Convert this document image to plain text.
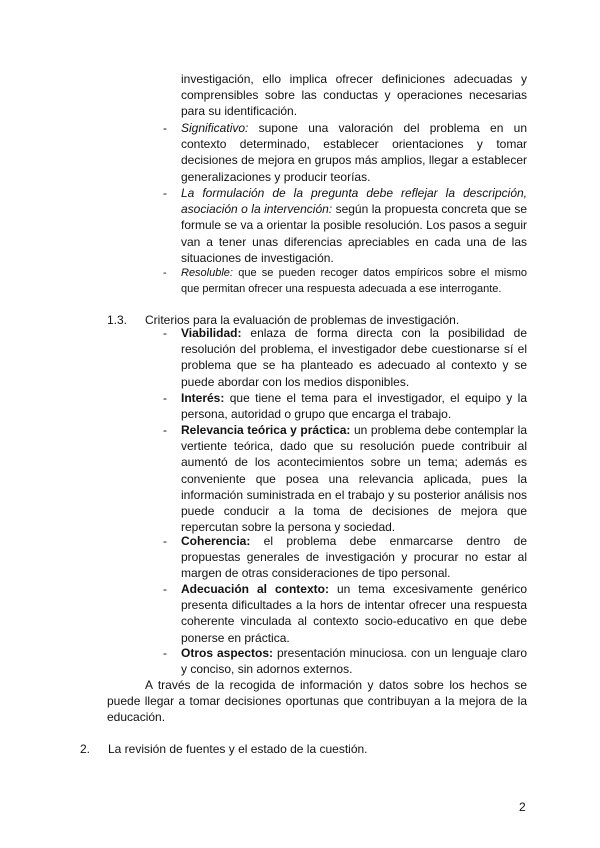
investigación, ello implica ofrecer definiciones adecuadas y comprensibles sobre las conductas y operaciones necesarias para su identificación.
- Significativo: supone una valoración del problema en un contexto determinado, establecer orientaciones y tomar decisiones de mejora en grupos más amplios, llegar a establecer generalizaciones y producir teorías.
- La formulación de la pregunta debe reflejar la descripción, asociación o la intervención: según la propuesta concreta que se formule se va a orientar la posible resolución. Los pasos a seguir van a tener unas diferencias apreciables en cada una de las situaciones de investigación.
- Resoluble: que se pueden recoger datos empíricos sobre el mismo que permitan ofrecer una respuesta adecuada a ese interrogante.
1.3. Criterios para la evaluación de problemas de investigación.
- Viabilidad: enlaza de forma directa con la posibilidad de resolución del problema, el investigador debe cuestionarse sí el problema que se ha planteado es adecuado al contexto y se puede abordar con los medios disponibles.
- Interés: que tiene el tema para el investigador, el equipo y la persona, autoridad o grupo que encarga el trabajo.
- Relevancia teórica y práctica: un problema debe contemplar la vertiente teórica, dado que su resolución puede contribuir al aumentó de los acontecimientos sobre un tema; además es conveniente que posea una relevancia aplicada, pues la información suministrada en el trabajo y su posterior análisis nos puede conducir a la toma de decisiones de mejora que repercutan sobre la persona y sociedad.
- Coherencia: el problema debe enmarcarse dentro de propuestas generales de investigación y procurar no estar al margen de otras consideraciones de tipo personal.
- Adecuación al contexto: un tema excesivamente genérico presenta dificultades a la hors de intentar ofrecer una respuesta coherente vinculada al contexto socio-educativo en que debe ponerse en práctica.
- Otros aspectos: presentación minuciosa. con un lenguaje claro y conciso, sin adornos externos.
A través de la recogida de información y datos sobre los hechos se puede llegar a tomar decisiones oportunas que contribuyan a la mejora de la educación.
2. La revisión de fuentes y el estado de la cuestión.
2
